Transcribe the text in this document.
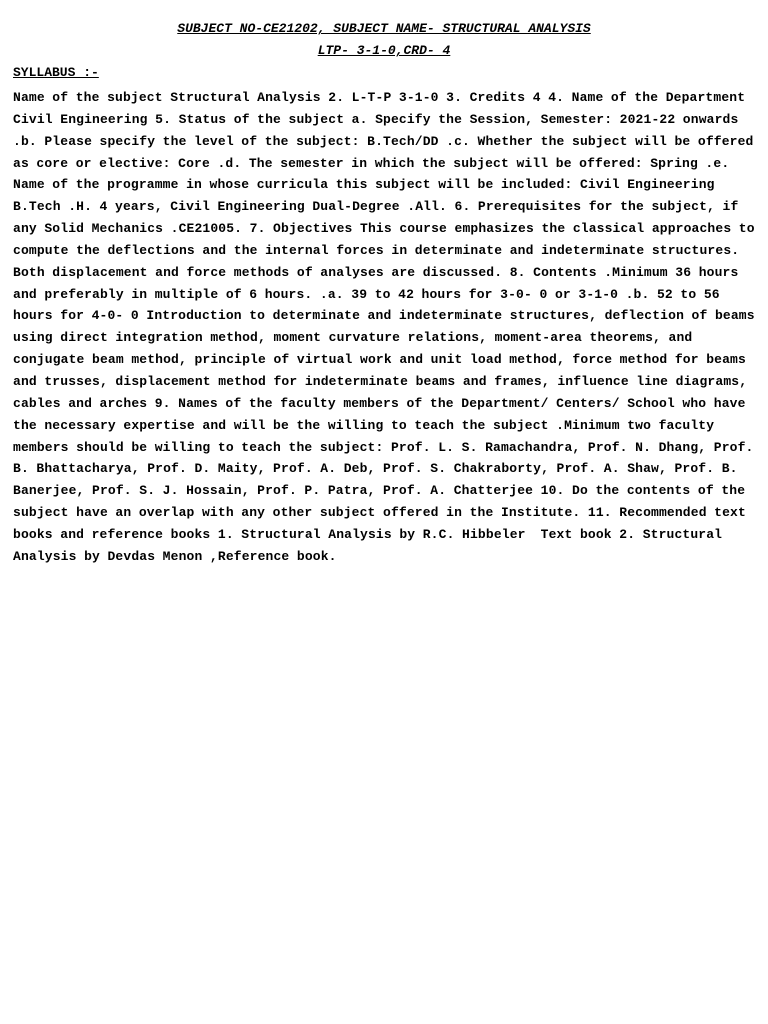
SUBJECT NO-CE21202, SUBJECT NAME- STRUCTURAL ANALYSIS
LTP- 3-1-0,CRD- 4
SYLLABUS :-
Name of the subject Structural Analysis 2. L-T-P 3-1-0 3. Credits 4 4. Name of the Department Civil Engineering 5. Status of the subject a. Specify the Session, Semester: 2021-22 onwards .b. Please specify the level of the subject: B.Tech/DD .c. Whether the subject will be offered as core or elective: Core .d. The semester in which the subject will be offered: Spring .e. Name of the programme in whose curricula this subject will be included: Civil Engineering B.Tech .H. 4 years, Civil Engineering Dual-Degree .All. 6. Prerequisites for the subject, if any Solid Mechanics .CE21005. 7. Objectives This course emphasizes the classical approaches to compute the deflections and the internal forces in determinate and indeterminate structures. Both displacement and force methods of analyses are discussed. 8. Contents .Minimum 36 hours and preferably in multiple of 6 hours. .a. 39 to 42 hours for 3-0- 0 or 3-1-0 .b. 52 to 56 hours for 4-0- 0 Introduction to determinate and indeterminate structures, deflection of beams using direct integration method, moment curvature relations, moment-area theorems, and conjugate beam method, principle of virtual work and unit load method, force method for beams and trusses, displacement method for indeterminate beams and frames, influence line diagrams, cables and arches 9. Names of the faculty members of the Department/ Centers/ School who have the necessary expertise and will be the willing to teach the subject .Minimum two faculty members should be willing to teach the subject: Prof. L. S. Ramachandra, Prof. N. Dhang, Prof. B. Bhattacharya, Prof. D. Maity, Prof. A. Deb, Prof. S. Chakraborty, Prof. A. Shaw, Prof. B. Banerjee, Prof. S. J. Hossain, Prof. P. Patra, Prof. A. Chatterjee 10. Do the contents of the subject have an overlap with any other subject offered in the Institute. 11. Recommended text books and reference books 1. Structural Analysis by R.C. Hibbeler  Text book 2. Structural Analysis by Devdas Menon ,Reference book.
